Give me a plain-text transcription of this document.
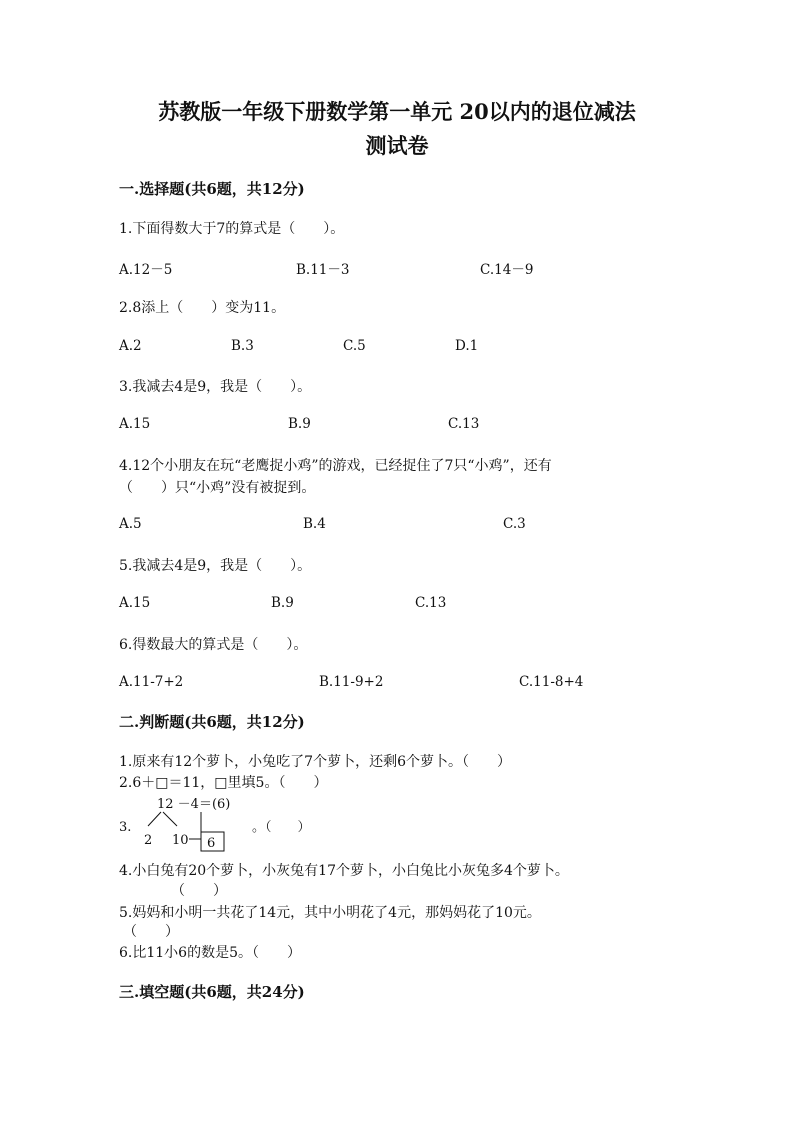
苏教版一年级下册数学第一单元 20以内的退位减法
测试卷
一.选择题(共6题，共12分)
1.下面得数大于7的算式是（　　）。
A.12－5	B.11－3	C.14－9
2.8添上（　　）变为11。
A.2	B.3	C.5	D.1
3.我减去4是9，我是（　　）。
A.15	B.9	C.13
4.12个小朋友在玩“老鹰捉小鸡”的游戏，已经捉住了7只“小鸡”，还有
（　　）只“小鸡”没有被捉到。
A.5	B.4	C.3
5.我减去4是9，我是（　　）。
A.15	B.9	C.13
6.得数最大的算式是（　　）。
A.11-7+2	B.11-9+2	C.11-8+4
二.判断题(共6题，共12分)
1.原来有12个萝卜，小兔吃了7个萝卜，还剩6个萝卜。（　　）
2.6＋□＝11，□里填5。（　　）
3.
12 －4＝(6)
2 10 6
。（　　）
4.小白兔有20个萝卜，小灰兔有17个萝卜，小白兔比小灰兔多4个萝卜。
（　　）
5.妈妈和小明一共花了14元，其中小明花了4元，那妈妈花了10元。
（　　）
6.比11小6的数是5。（　　）
三.填空题(共6题，共24分)
